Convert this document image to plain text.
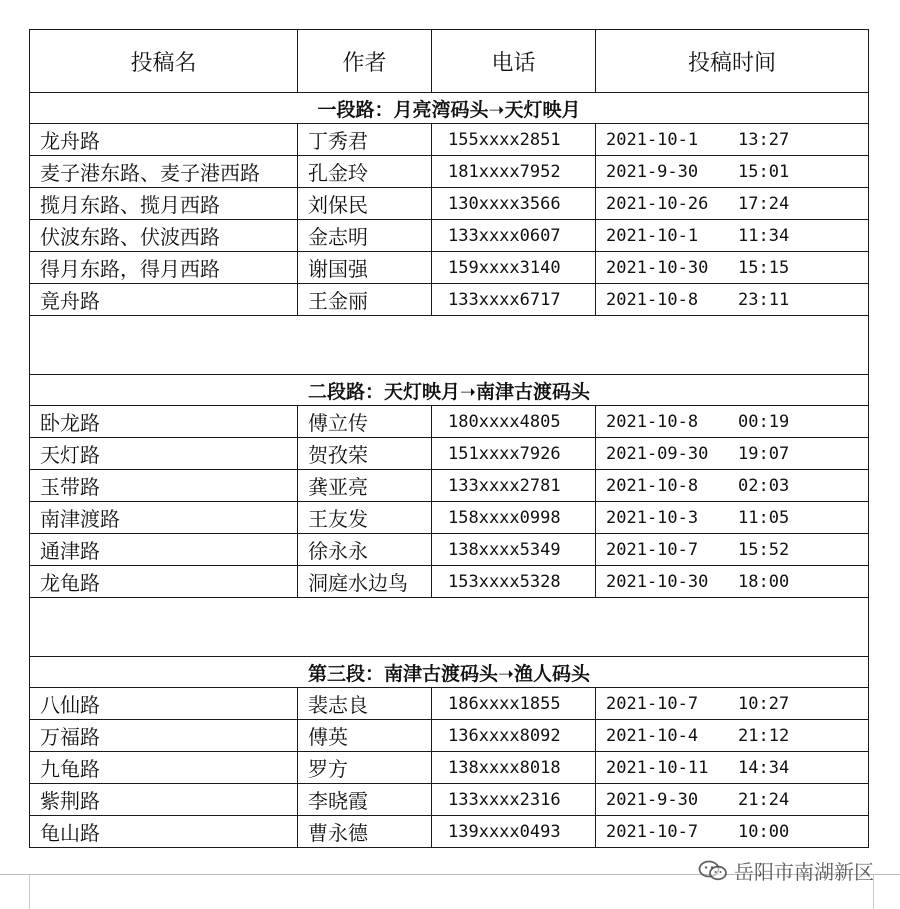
投稿名	作者	电话	投稿时间
一段路：月亮湾码头➝天灯映月			
龙舟路	丁秀君	155xxxx2851	2021-10-1 13:27
麦子港东路、麦子港西路	孔金玲	181xxxx7952	2021-9-30 15:01
揽月东路、揽月西路	刘保民	130xxxx3566	2021-10-26 17:24
伏波东路、伏波西路	金志明	133xxxx0607	2021-10-1 11:34
得月东路，得月西路	谢国强	159xxxx3140	2021-10-30 15:15
竟舟路	王金丽	133xxxx6717	2021-10-8 23:11

二段路：天灯映月➝南津古渡码头			
卧龙路	傅立传	180xxxx4805	2021-10-8 00:19
天灯路	贺孜荣	151xxxx7926	2021-09-30 19:07
玉带路	龚亚亮	133xxxx2781	2021-10-8 02:03
南津渡路	王友发	158xxxx0998	2021-10-3 11:05
通津路	徐永永	138xxxx5349	2021-10-7 15:52
龙龟路	洞庭水边鸟	153xxxx5328	2021-10-30 18:00

第三段：南津古渡码头➝渔人码头			
八仙路	裴志良	186xxxx1855	2021-10-7 10:27
万福路	傅英	136xxxx8092	2021-10-4 21:12
九龟路	罗方	138xxxx8018	2021-10-11 14:34
紫荆路	李晓霞	133xxxx2316	2021-9-30 21:24
龟山路	曹永德	139xxxx0493	2021-10-7 10:00
岳阳市南湖新区
